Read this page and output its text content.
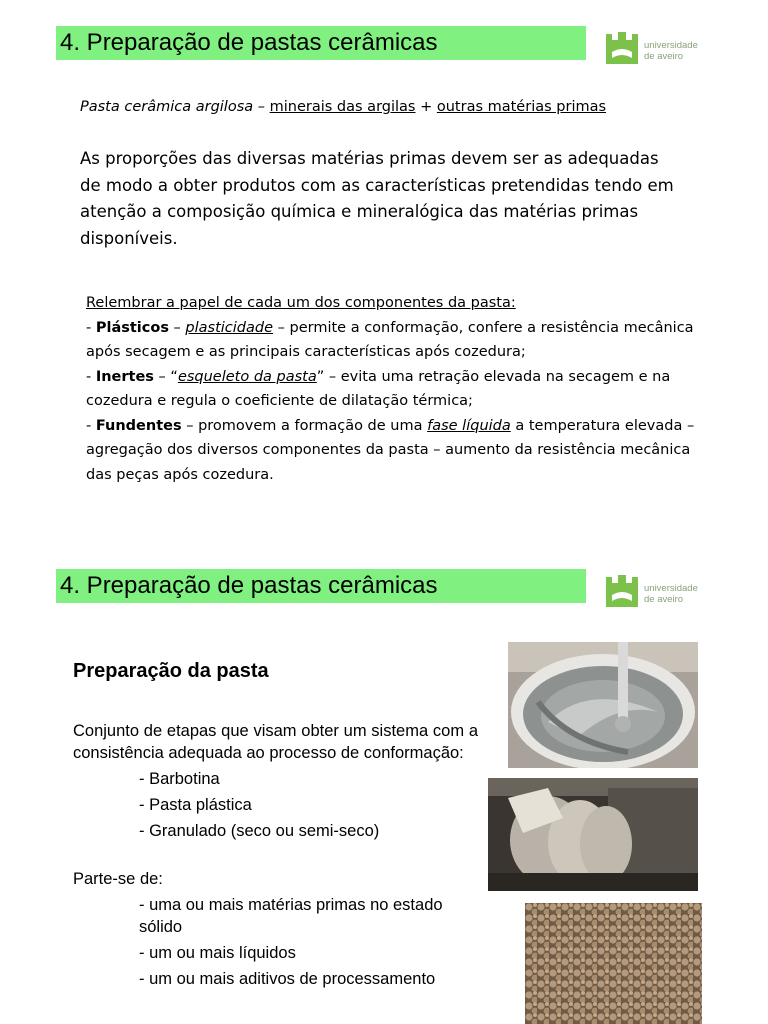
4. Preparação de pastas cerâmicas	universidade
de aveiro
Pasta cerâmica argilosa – minerais das argilas + outras matérias primas
As proporções das diversas matérias primas devem ser as adequadas de modo a obter produtos com as características pretendidas tendo em atenção a composição química e mineralógica das matérias primas disponíveis.

Relembrar a papel de cada um dos componentes da pasta:

- Plásticos – plasticidade – permite a conformação, confere a resistência mecânica após secagem e as principais características após cozedura;

- Inertes – “esqueleto da pasta” – evita uma retração elevada na secagem e na cozedura e regula o coeficiente de dilatação térmica;

- Fundentes – promovem a formação de uma fase líquida a temperatura elevada – agregação dos diversos componentes da pasta – aumento da resistência mecânica das peças após cozedura.

4. Preparação de pastas cerâmicas	universidade
de aveiro
Preparação da pasta
Conjunto de etapas que visam obter um sistema com a consistência adequada ao processo de conformação:

- Barbotina

- Pasta plástica

- Granulado (seco ou semi-seco)

Parte-se de:

- uma ou mais matérias primas no estado sólido

- um ou mais líquidos

- um ou mais aditivos de processamento
